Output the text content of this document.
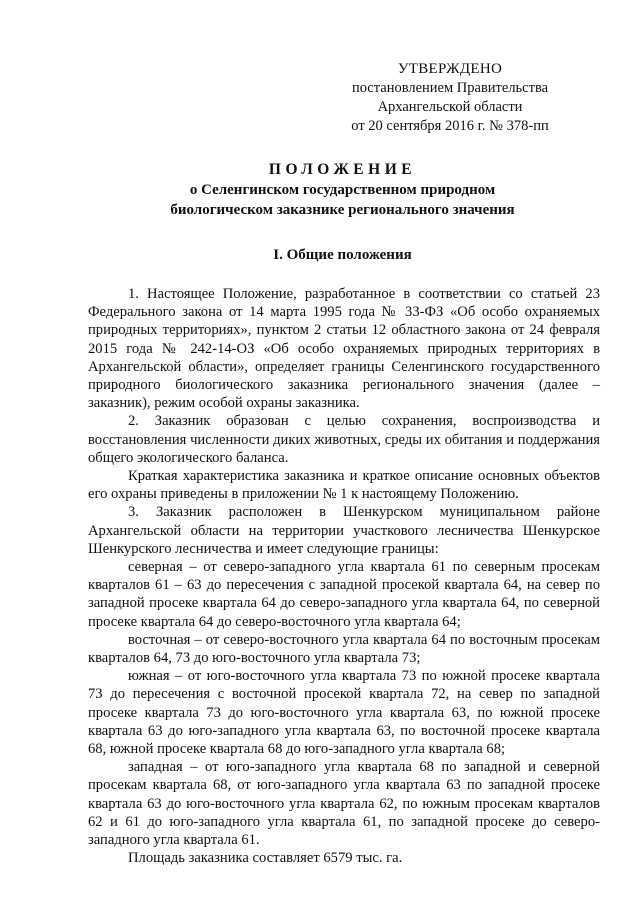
УТВЕРЖДЕНО
постановлением Правительства
Архангельской области
от 20 сентября 2016 г. № 378-пп
ПОЛОЖЕНИЕ
о Селенгинском государственном природном
биологическом заказнике регионального значения
I. Общие положения

1. Настоящее Положение, разработанное в соответствии со статьей 23 Федерального закона от 14 марта 1995 года № 33-ФЗ «Об особо охраняемых природных территориях», пунктом 2 статьи 12 областного закона от 24 февраля 2015 года № 242-14-ОЗ «Об особо охраняемых природных территориях в Архангельской области», определяет границы Селенгинского государственного природного биологического заказника регионального значения (далее – заказник), режим особой охраны заказника.

2. Заказник образован с целью сохранения, воспроизводства и восстановления численности диких животных, среды их обитания и поддержания общего экологического баланса.

Краткая характеристика заказника и краткое описание основных объектов его охраны приведены в приложении № 1 к настоящему Положению.

3. Заказник расположен в Шенкурском муниципальном районе Архангельской области на территории участкового лесничества Шенкурское Шенкурского лесничества и имеет следующие границы:

северная – от северо-западного угла квартала 61 по северным просекам кварталов 61 – 63 до пересечения с западной просекой квартала 64, на север по западной просеке квартала 64 до северо-западного угла квартала 64, по северной просеке квартала 64 до северо-восточного угла квартала 64;

восточная – от северо-восточного угла квартала 64 по восточным просекам кварталов 64, 73 до юго-восточного угла квартала 73;

южная – от юго-восточного угла квартала 73 по южной просеке квартала 73 до пересечения с восточной просекой квартала 72, на север по западной просеке квартала 73 до юго-восточного угла квартала 63, по южной просеке квартала 63 до юго-западного угла квартала 63, по восточной просеке квартала 68, южной просеке квартала 68 до юго-западного угла квартала 68;

западная – от юго-западного угла квартала 68 по западной и северной просекам квартала 68, от юго-западного угла квартала 63 по западной просеке квартала 63 до юго-восточного угла квартала 62, по южным просекам кварталов 62 и 61 до юго-западного угла квартала 61, по западной просеке до северо-западного угла квартала 61.

Площадь заказника составляет 6579 тыс. га.
